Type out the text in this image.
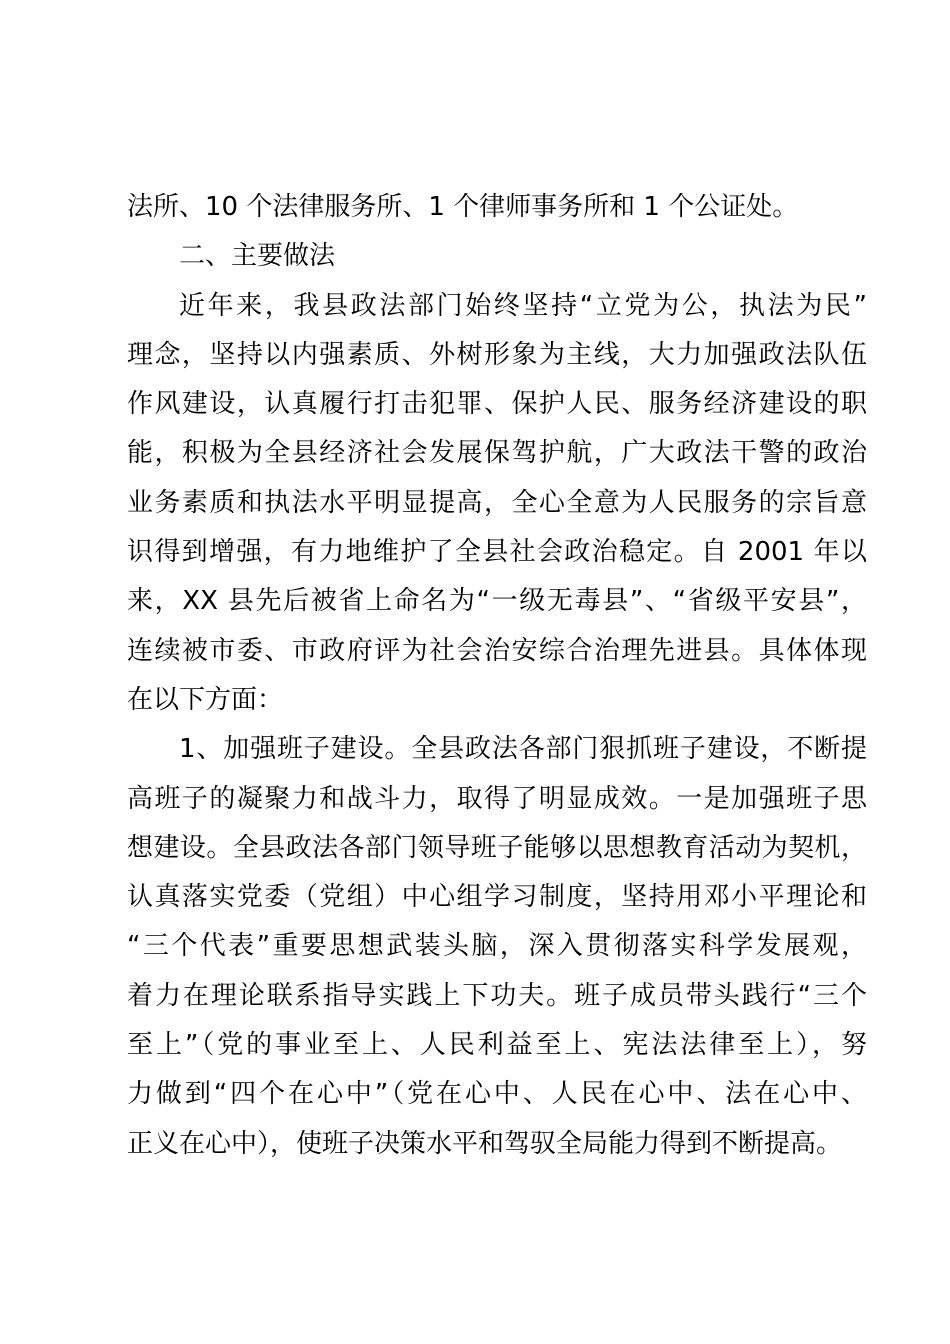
法所、10 个法律服务所、1 个律师事务所和 1 个公证处。
二、主要做法
近年来，我县政法部门始终坚持“立党为公，执法为民”
理念，坚持以内强素质、外树形象为主线，大力加强政法队伍
作风建设，认真履行打击犯罪、保护人民、服务经济建设的职
能，积极为全县经济社会发展保驾护航，广大政法干警的政治
业务素质和执法水平明显提高，全心全意为人民服务的宗旨意
识得到增强，有力地维护了全县社会政治稳定。自 2001 年以
来，XX 县先后被省上命名为“一级无毒县”、“省级平安县”，
连续被市委、市政府评为社会治安综合治理先进县。具体体现
在以下方面：
1、加强班子建设。全县政法各部门狠抓班子建设，不断提
高班子的凝聚力和战斗力，取得了明显成效。一是加强班子思
想建设。全县政法各部门领导班子能够以思想教育活动为契机，
认真落实党委（党组）中心组学习制度，坚持用邓小平理论和
“三个代表”重要思想武装头脑，深入贯彻落实科学发展观，
着力在理论联系指导实践上下功夫。班子成员带头践行“三个
至上”（党的事业至上、人民利益至上、宪法法律至上），努
力做到“四个在心中”（党在心中、人民在心中、法在心中、
正义在心中），使班子决策水平和驾驭全局能力得到不断提高。
